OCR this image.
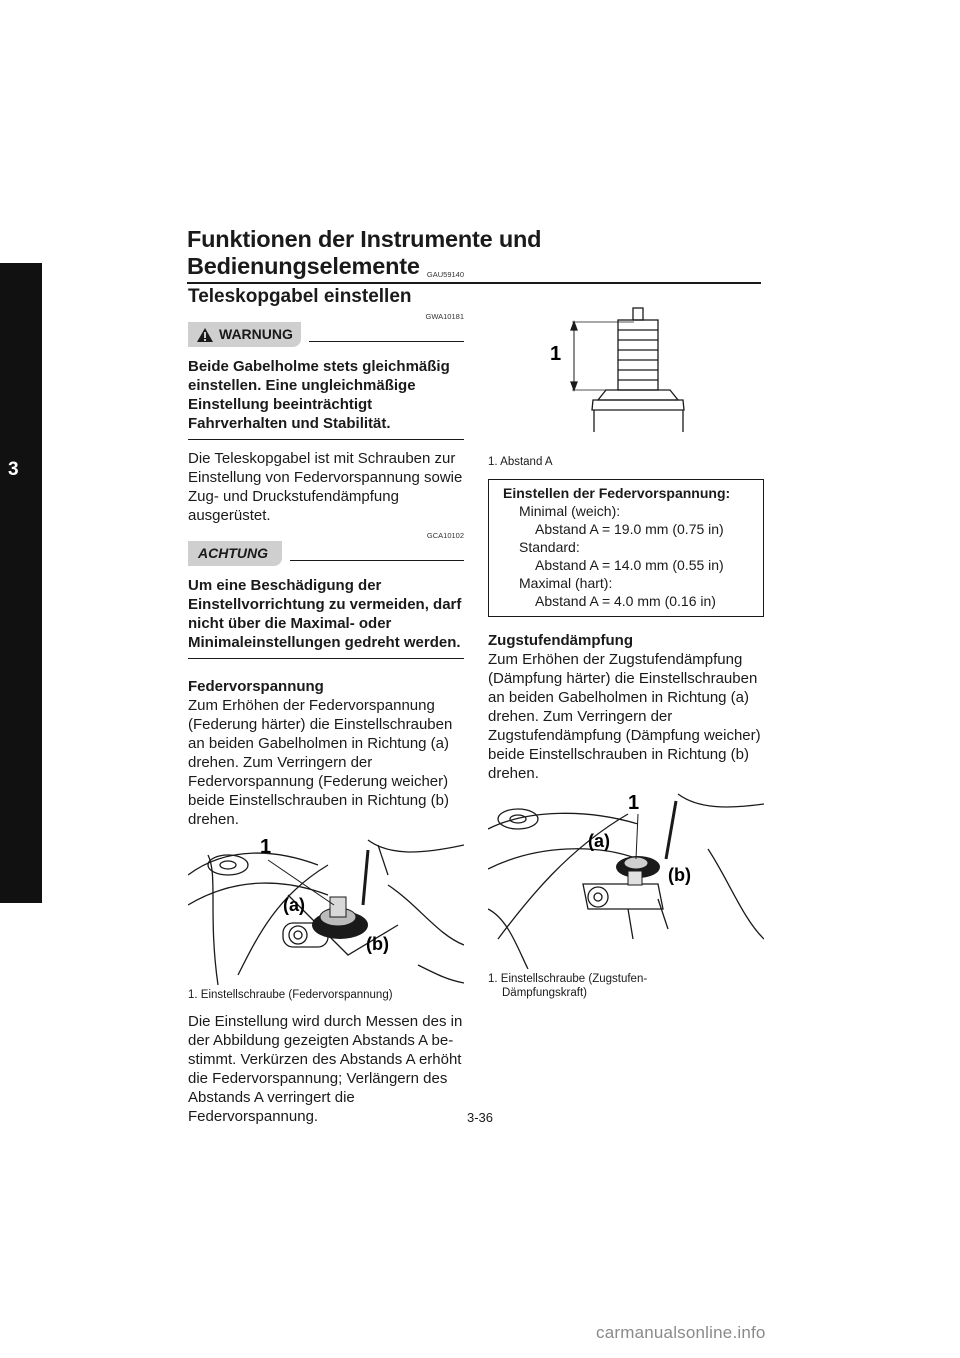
Funktionen der Instrumente und Bedienungselemente
3
GAU59140
Teleskopgabel einstellen
GWA10181
WARNUNG
Beide Gabelholme stets gleichmäßig einstellen. Eine ungleichmäßige Einstellung beeinträchtigt Fahrverhalten und Stabilität.

Die Teleskopgabel ist mit Schrauben zur Einstellung von Federvorspannung sowie Zug- und Druckstufendämpfung ausgerüstet.

GCA10102
ACHTUNG
Um eine Beschädigung der Einstellvorrichtung zu vermeiden, darf nicht über die Maximal- oder Minimaleinstellungen gedreht werden.
Federvorspannung

Zum Erhöhen der Federvorspannung (Federung härter) die Einstellschrauben an beiden Gabelholmen in Richtung (a) drehen. Zum Verringern der Federvorspannung (Federung weicher) beide Einstellschrauben in Richtung (b) drehen.

1
(a)
(b)
1. Einstellschraube (Federvorspannung)

Die Einstellung wird durch Messen des in der Abbildung gezeigten Abstands A bestimmt. Verkürzen des Abstands A erhöht die Federvorspannung; Verlängern des Abstands A verringert die Federvorspannung.

1
1. Abstand A
Einstellen der Federvorspannung:
Minimal (weich):
Abstand A = 19.0 mm (0.75 in)
Standard:
Abstand A = 14.0 mm (0.55 in)
Maximal (hart):
Abstand A = 4.0 mm (0.16 in)
Zugstufendämpfung

Zum Erhöhen der Zugstufendämpfung (Dämpfung härter) die Einstellschrauben an beiden Gabelholmen in Richtung (a) drehen. Zum Verringern der Zugstufendämpfung (Dämpfung weicher) beide Einstellschrauben in Richtung (b) drehen.

1
(a)
(b)
1. Einstellschraube (Zugstufen-
Dämpfungskraft)
3-36
carmanualsonline.info
